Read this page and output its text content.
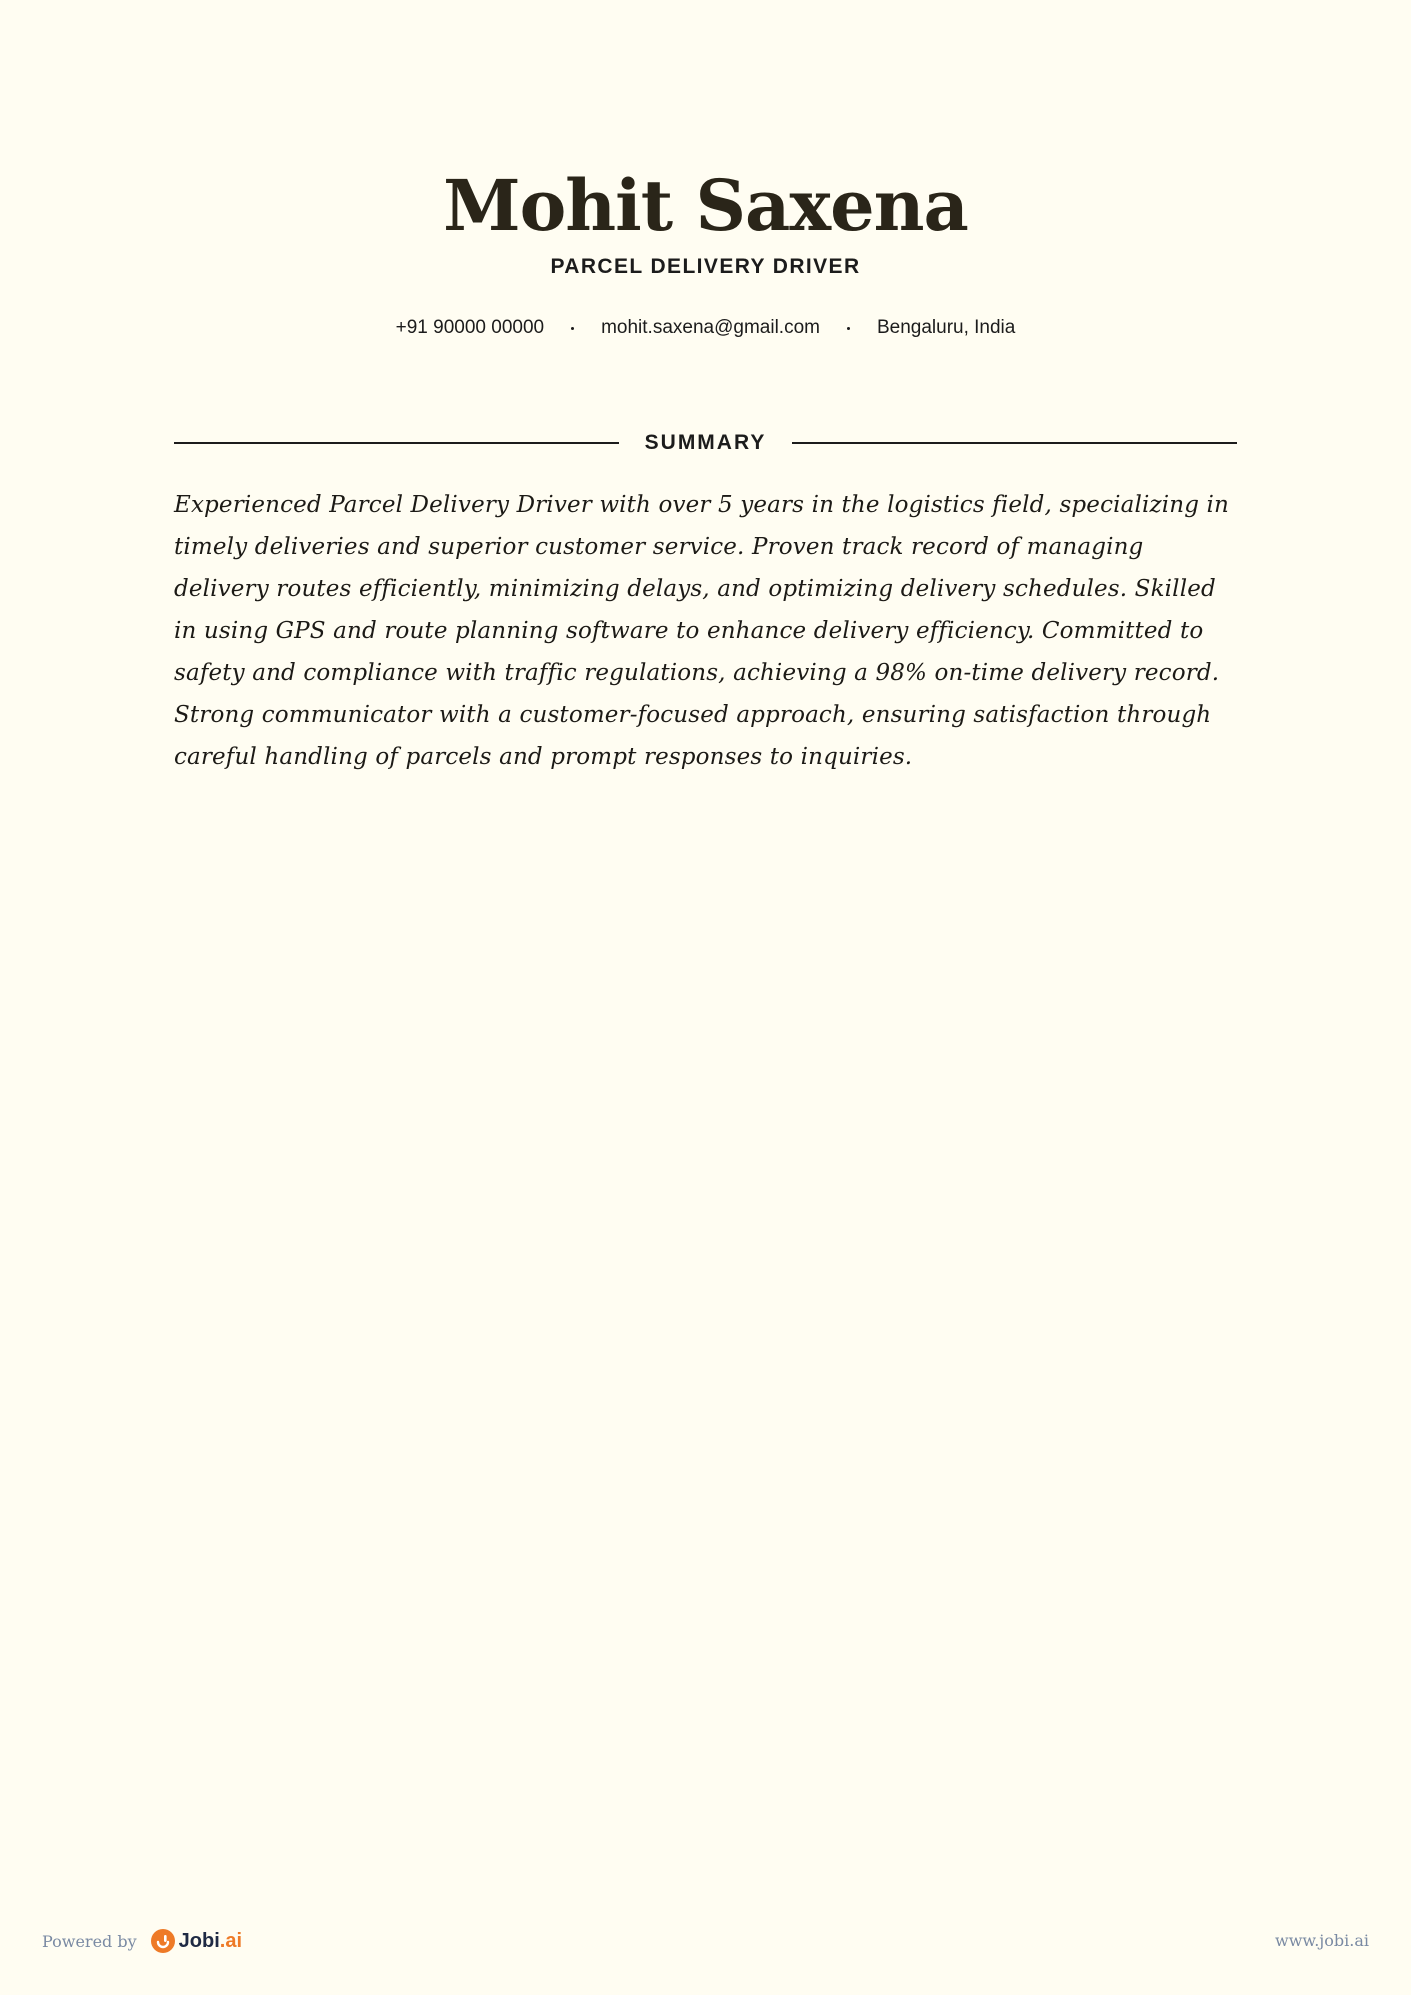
Mohit Saxena
PARCEL DELIVERY DRIVER
+91 90000 00000	mohit.saxena@gmail.com	Bengaluru, India
SUMMARY

Experienced Parcel Delivery Driver with over 5 years in the logistics field, specializing in timely deliveries and superior customer service. Proven track record of managing delivery routes efficiently, minimizing delays, and optimizing delivery schedules. Skilled in using GPS and route planning software to enhance delivery efficiency. Committed to safety and compliance with traffic regulations, achieving a 98% on-time delivery record. Strong communicator with a customer-focused approach, ensuring satisfaction through careful handling of parcels and prompt responses to inquiries.

Powered by Jobi.ai	www.jobi.ai
